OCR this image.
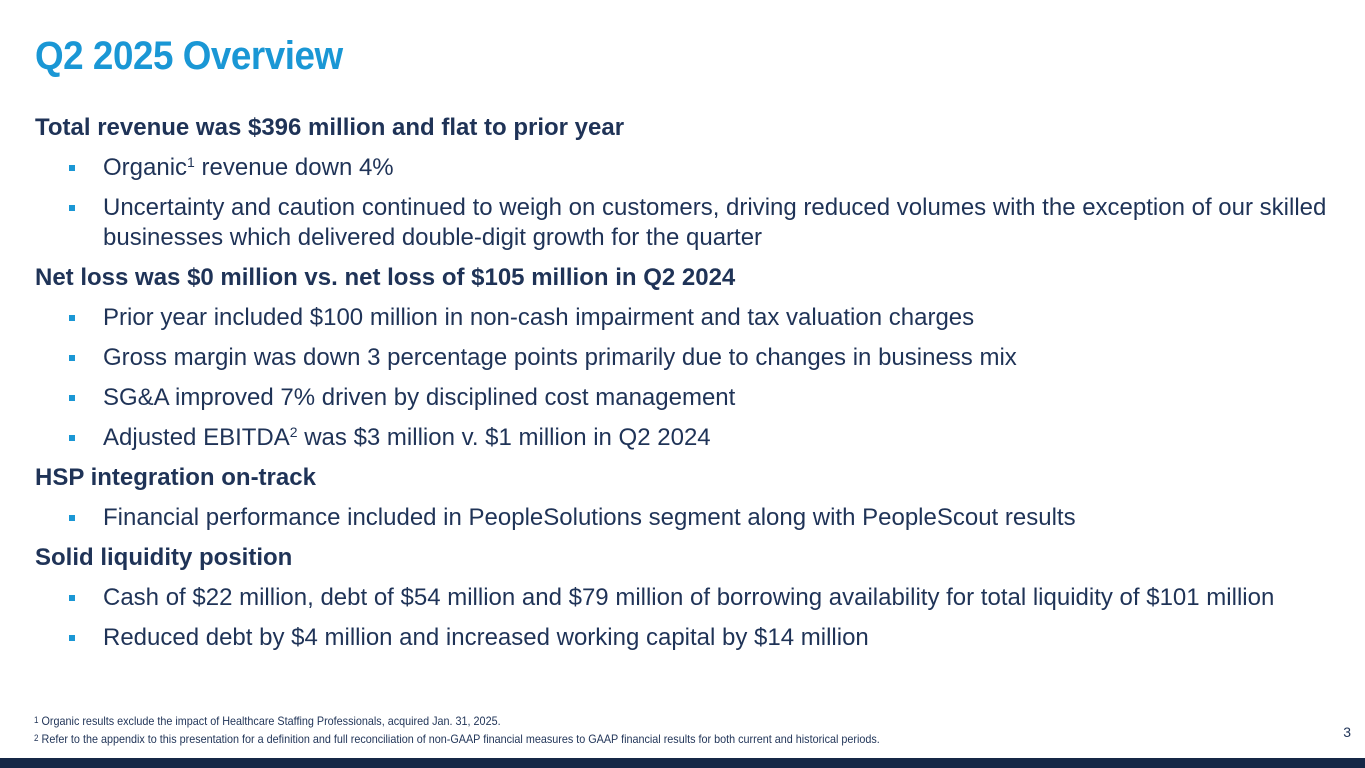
Q2 2025 Overview

Total revenue was $396 million and flat to prior year

Organic$^1$ revenue down 4%
Uncertainty and caution continued to weigh on customers, driving reduced volumes with the exception of our skilled businesses which delivered double-digit growth for the quarter

Net loss was $0 million vs. net loss of $105 million in Q2 2024

Prior year included $100 million in non-cash impairment and tax valuation charges
Gross margin was down 3 percentage points primarily due to changes in business mix
SG&A improved 7% driven by disciplined cost management
Adjusted EBITDA$^2$ was $3 million v. $1 million in Q2 2024

HSP integration on-track

Financial performance included in PeopleSolutions segment along with PeopleScout results

Solid liquidity position

Cash of $22 million, debt of $54 million and $79 million of borrowing availability for total liquidity of $101 million
Reduced debt by $4 million and increased working capital by $14 million
$^1$ Organic results exclude the impact of Healthcare Staffing Professionals, acquired Jan. 31, 2025.
$^2$ Refer to the appendix to this presentation for a definition and full reconciliation of non-GAAP financial measures to GAAP financial results for both current and historical periods.	3
